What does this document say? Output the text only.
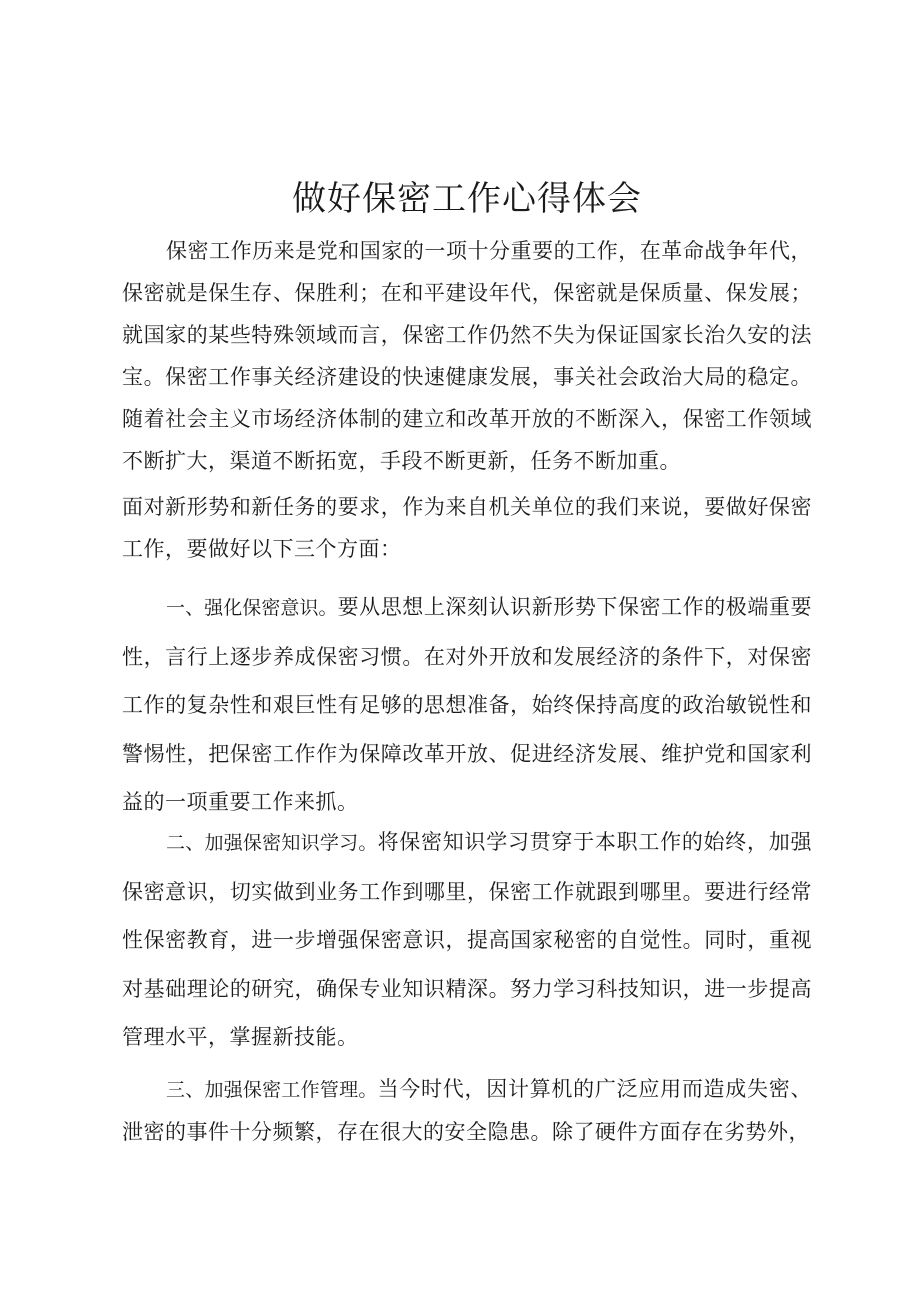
做好保密工作心得体会

保密工作历来是党和国家的一项十分重要的工作，在革命战争年代，保密就是保生存、保胜利；在和平建设年代，保密就是保质量、保发展；就国家的某些特殊领域而言，保密工作仍然不失为保证国家长治久安的法宝。保密工作事关经济建设的快速健康发展，事关社会政治大局的稳定。随着社会主义市场经济体制的建立和改革开放的不断深入，保密工作领域不断扩大，渠道不断拓宽，手段不断更新，任务不断加重。

面对新形势和新任务的要求，作为来自机关单位的我们来说，要做好保密工作，要做好以下三个方面：

一、强化保密意识。要从思想上深刻认识新形势下保密工作的极端重要性，言行上逐步养成保密习惯。在对外开放和发展经济的条件下，对保密工作的复杂性和艰巨性有足够的思想准备，始终保持高度的政治敏锐性和警惕性，把保密工作作为保障改革开放、促进经济发展、维护党和国家利益的一项重要工作来抓。

二、加强保密知识学习。将保密知识学习贯穿于本职工作的始终，加强保密意识，切实做到业务工作到哪里，保密工作就跟到哪里。要进行经常性保密教育，进一步增强保密意识，提高国家秘密的自觉性。同时，重视对基础理论的研究，确保专业知识精深。努力学习科技知识，进一步提高管理水平，掌握新技能。

三、加强保密工作管理。当今时代，因计算机的广泛应用而造成失密、泄密的事件十分频繁，存在很大的安全隐患。除了硬件方面存在劣势外，
